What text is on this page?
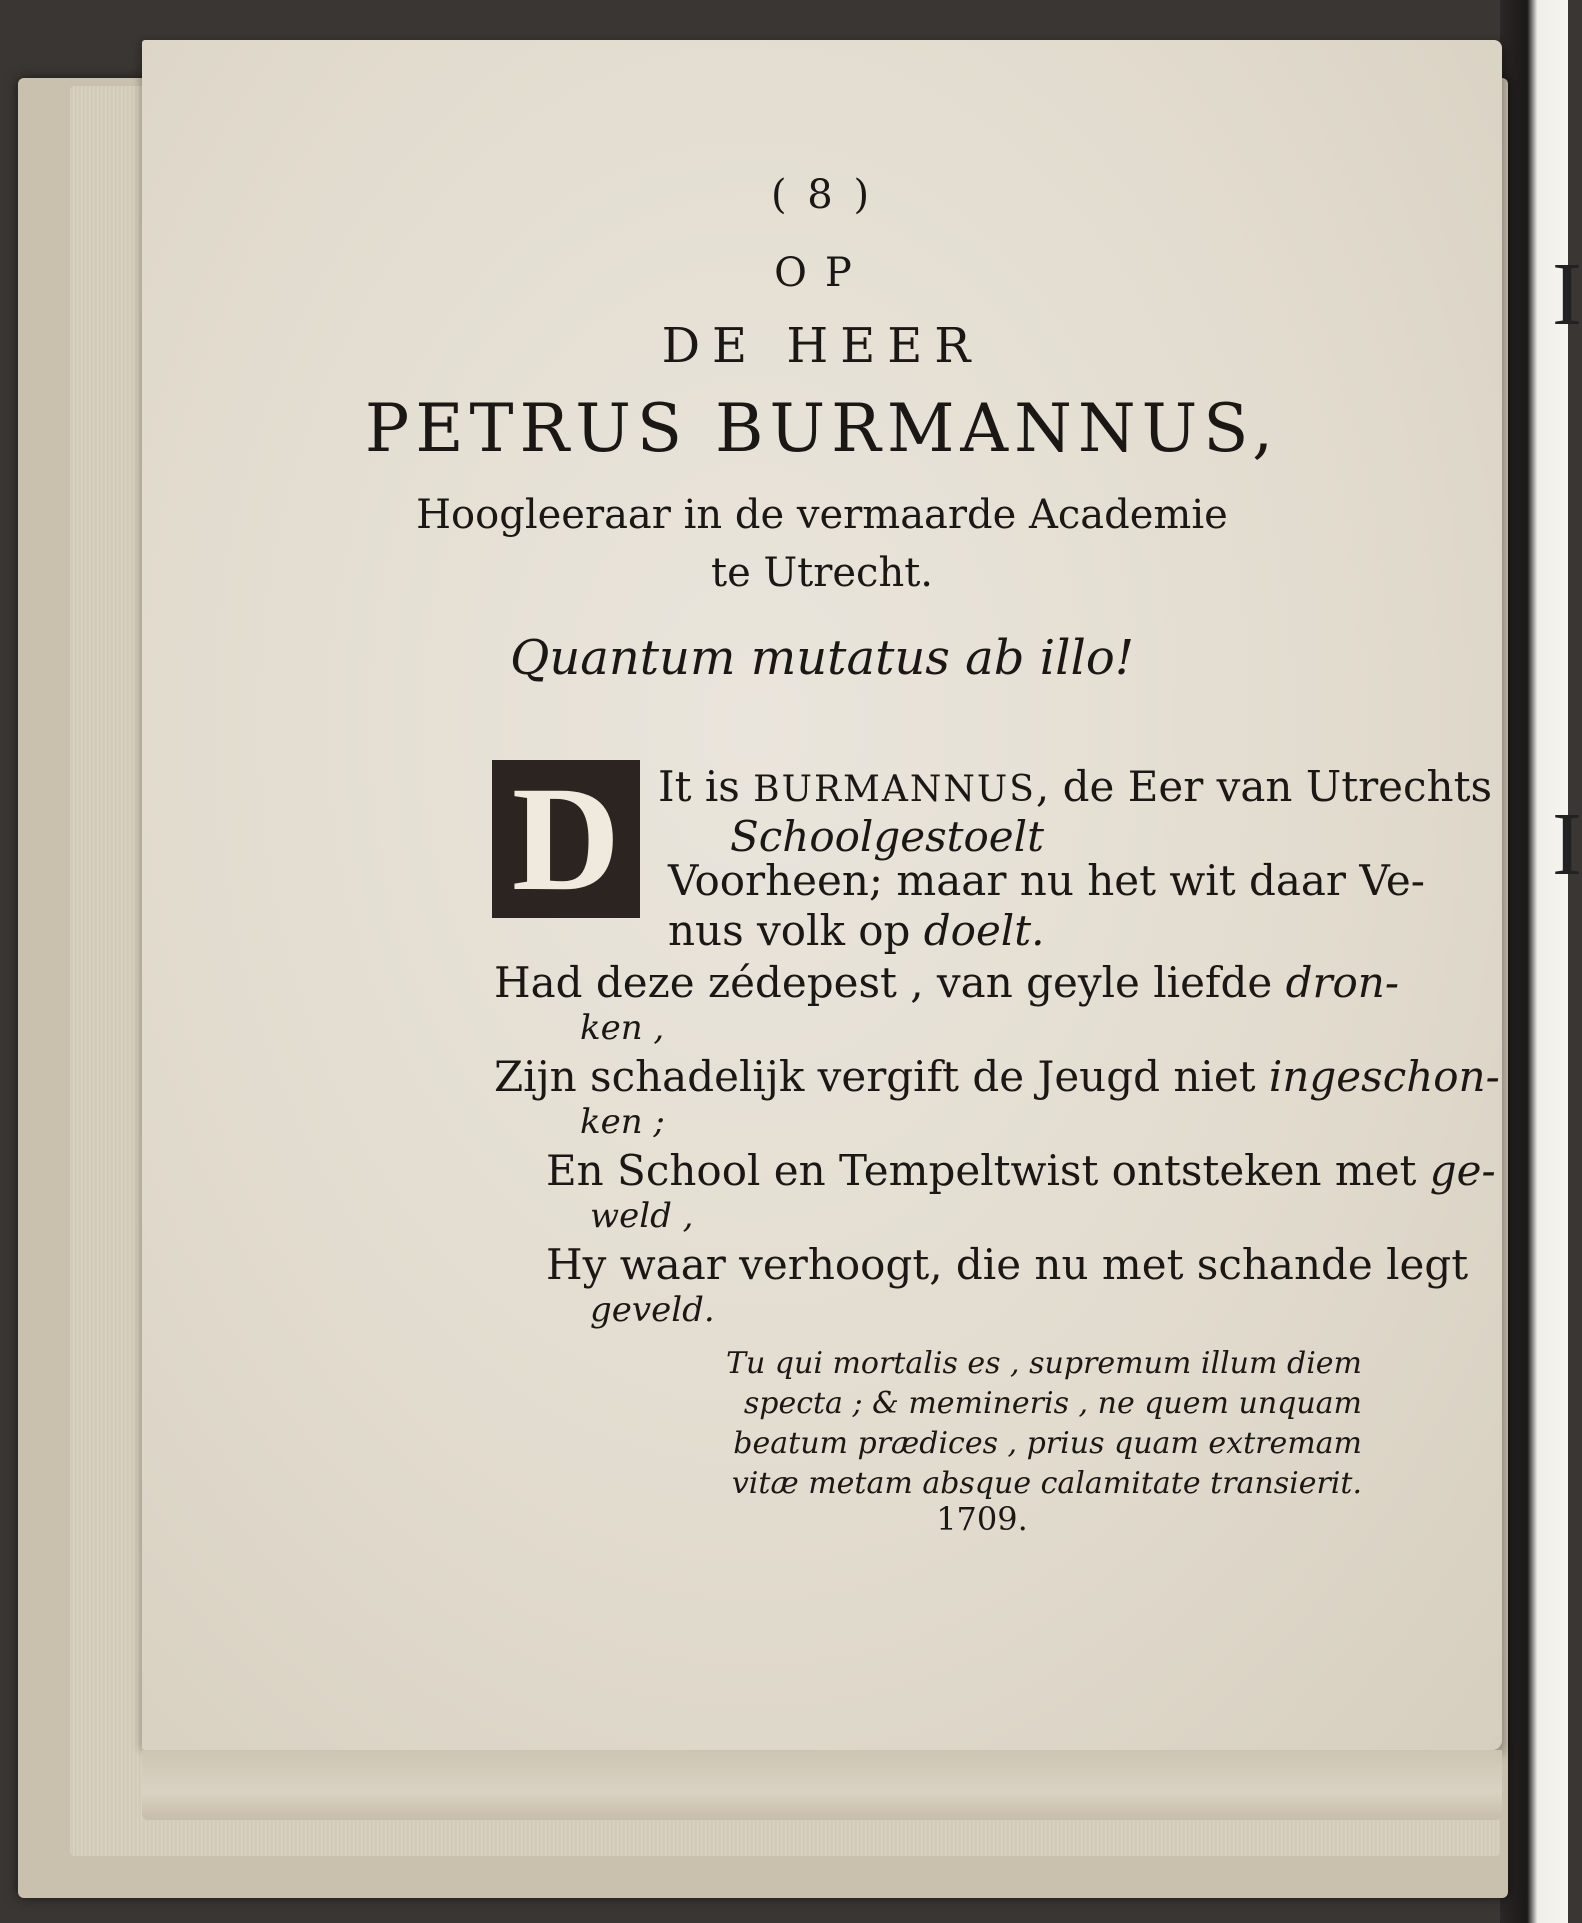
I
I
( 8 )
OP
DE HEER
PETRUS BURMANNUS,
Hoogleeraar in de vermaarde Academie
te Utrecht.
Quantum mutatus ab illo!
D It is BURMANNUS, de Eer van Utrechts
Schoolgestoelt
Voorheen; maar nu het wit daar Ve-
nus volk op doelt.
Had deze zédepest , van geyle liefde dron-
ken ,
Zijn schadelijk vergift de Jeugd niet ingeschon-
ken ;
En School en Tempeltwist ontsteken met ge-
weld ,
Hy waar verhoogt, die nu met schande legt
geveld.
Tu qui mortalis es , supremum illum diem
specta ; & memineris , ne quem unquam
beatum prædices , prius quam extremam
vitæ metam absque calamitate transierit.
1709.
